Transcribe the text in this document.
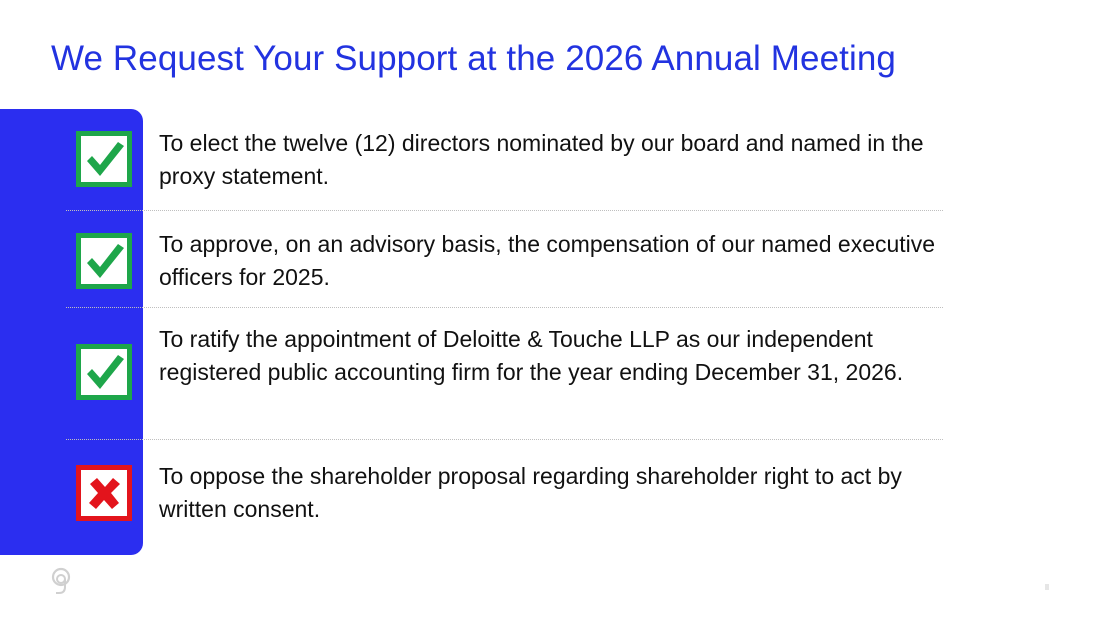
We Request Your Support at the 2026 Annual Meeting
To elect the twelve (12) directors nominated by our board and named in the proxy statement.
To approve, on an advisory basis, the compensation of our named executive officers for 2025.
To ratify the appointment of Deloitte & Touche LLP as our independent registered public accounting firm for the year ending December 31, 2026.
To oppose the shareholder proposal regarding shareholder right to act by written consent.
